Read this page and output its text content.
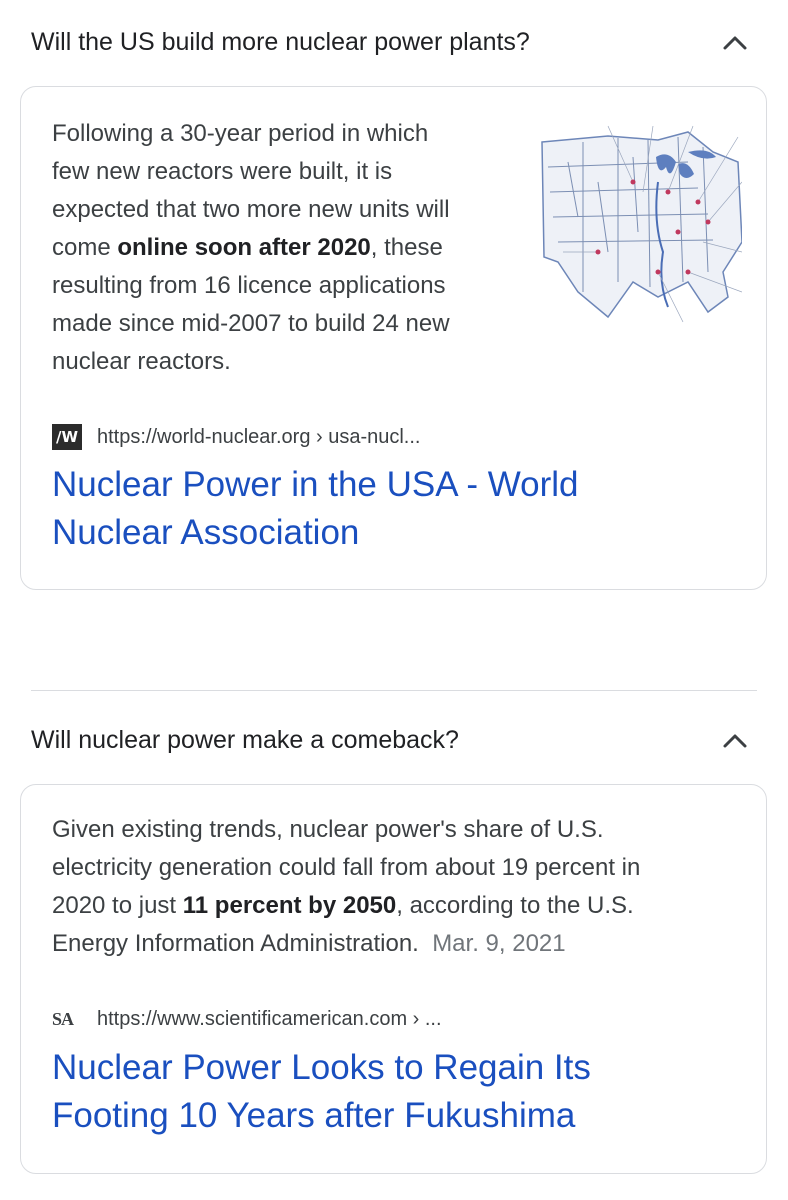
Will the US build more nuclear power plants?
Following a 30-year period in which
few new reactors were built, it is
expected that two more new units will
come online soon after 2020, these
resulting from 16 licence applications
made since mid-2007 to build 24 new
nuclear reactors.
/W https://world-nuclear.org › usa-nucl...
Nuclear Power in the USA - World
Nuclear Association
Will nuclear power make a comeback?
Given existing trends, nuclear power's share of U.S.
electricity generation could fall from about 19 percent in
2020 to just 11 percent by 2050, according to the U.S.
Energy Information Administration. Mar. 9, 2021
SA	https://www.scientificamerican.com › ...
Nuclear Power Looks to Regain Its
Footing 10 Years after Fukushima
